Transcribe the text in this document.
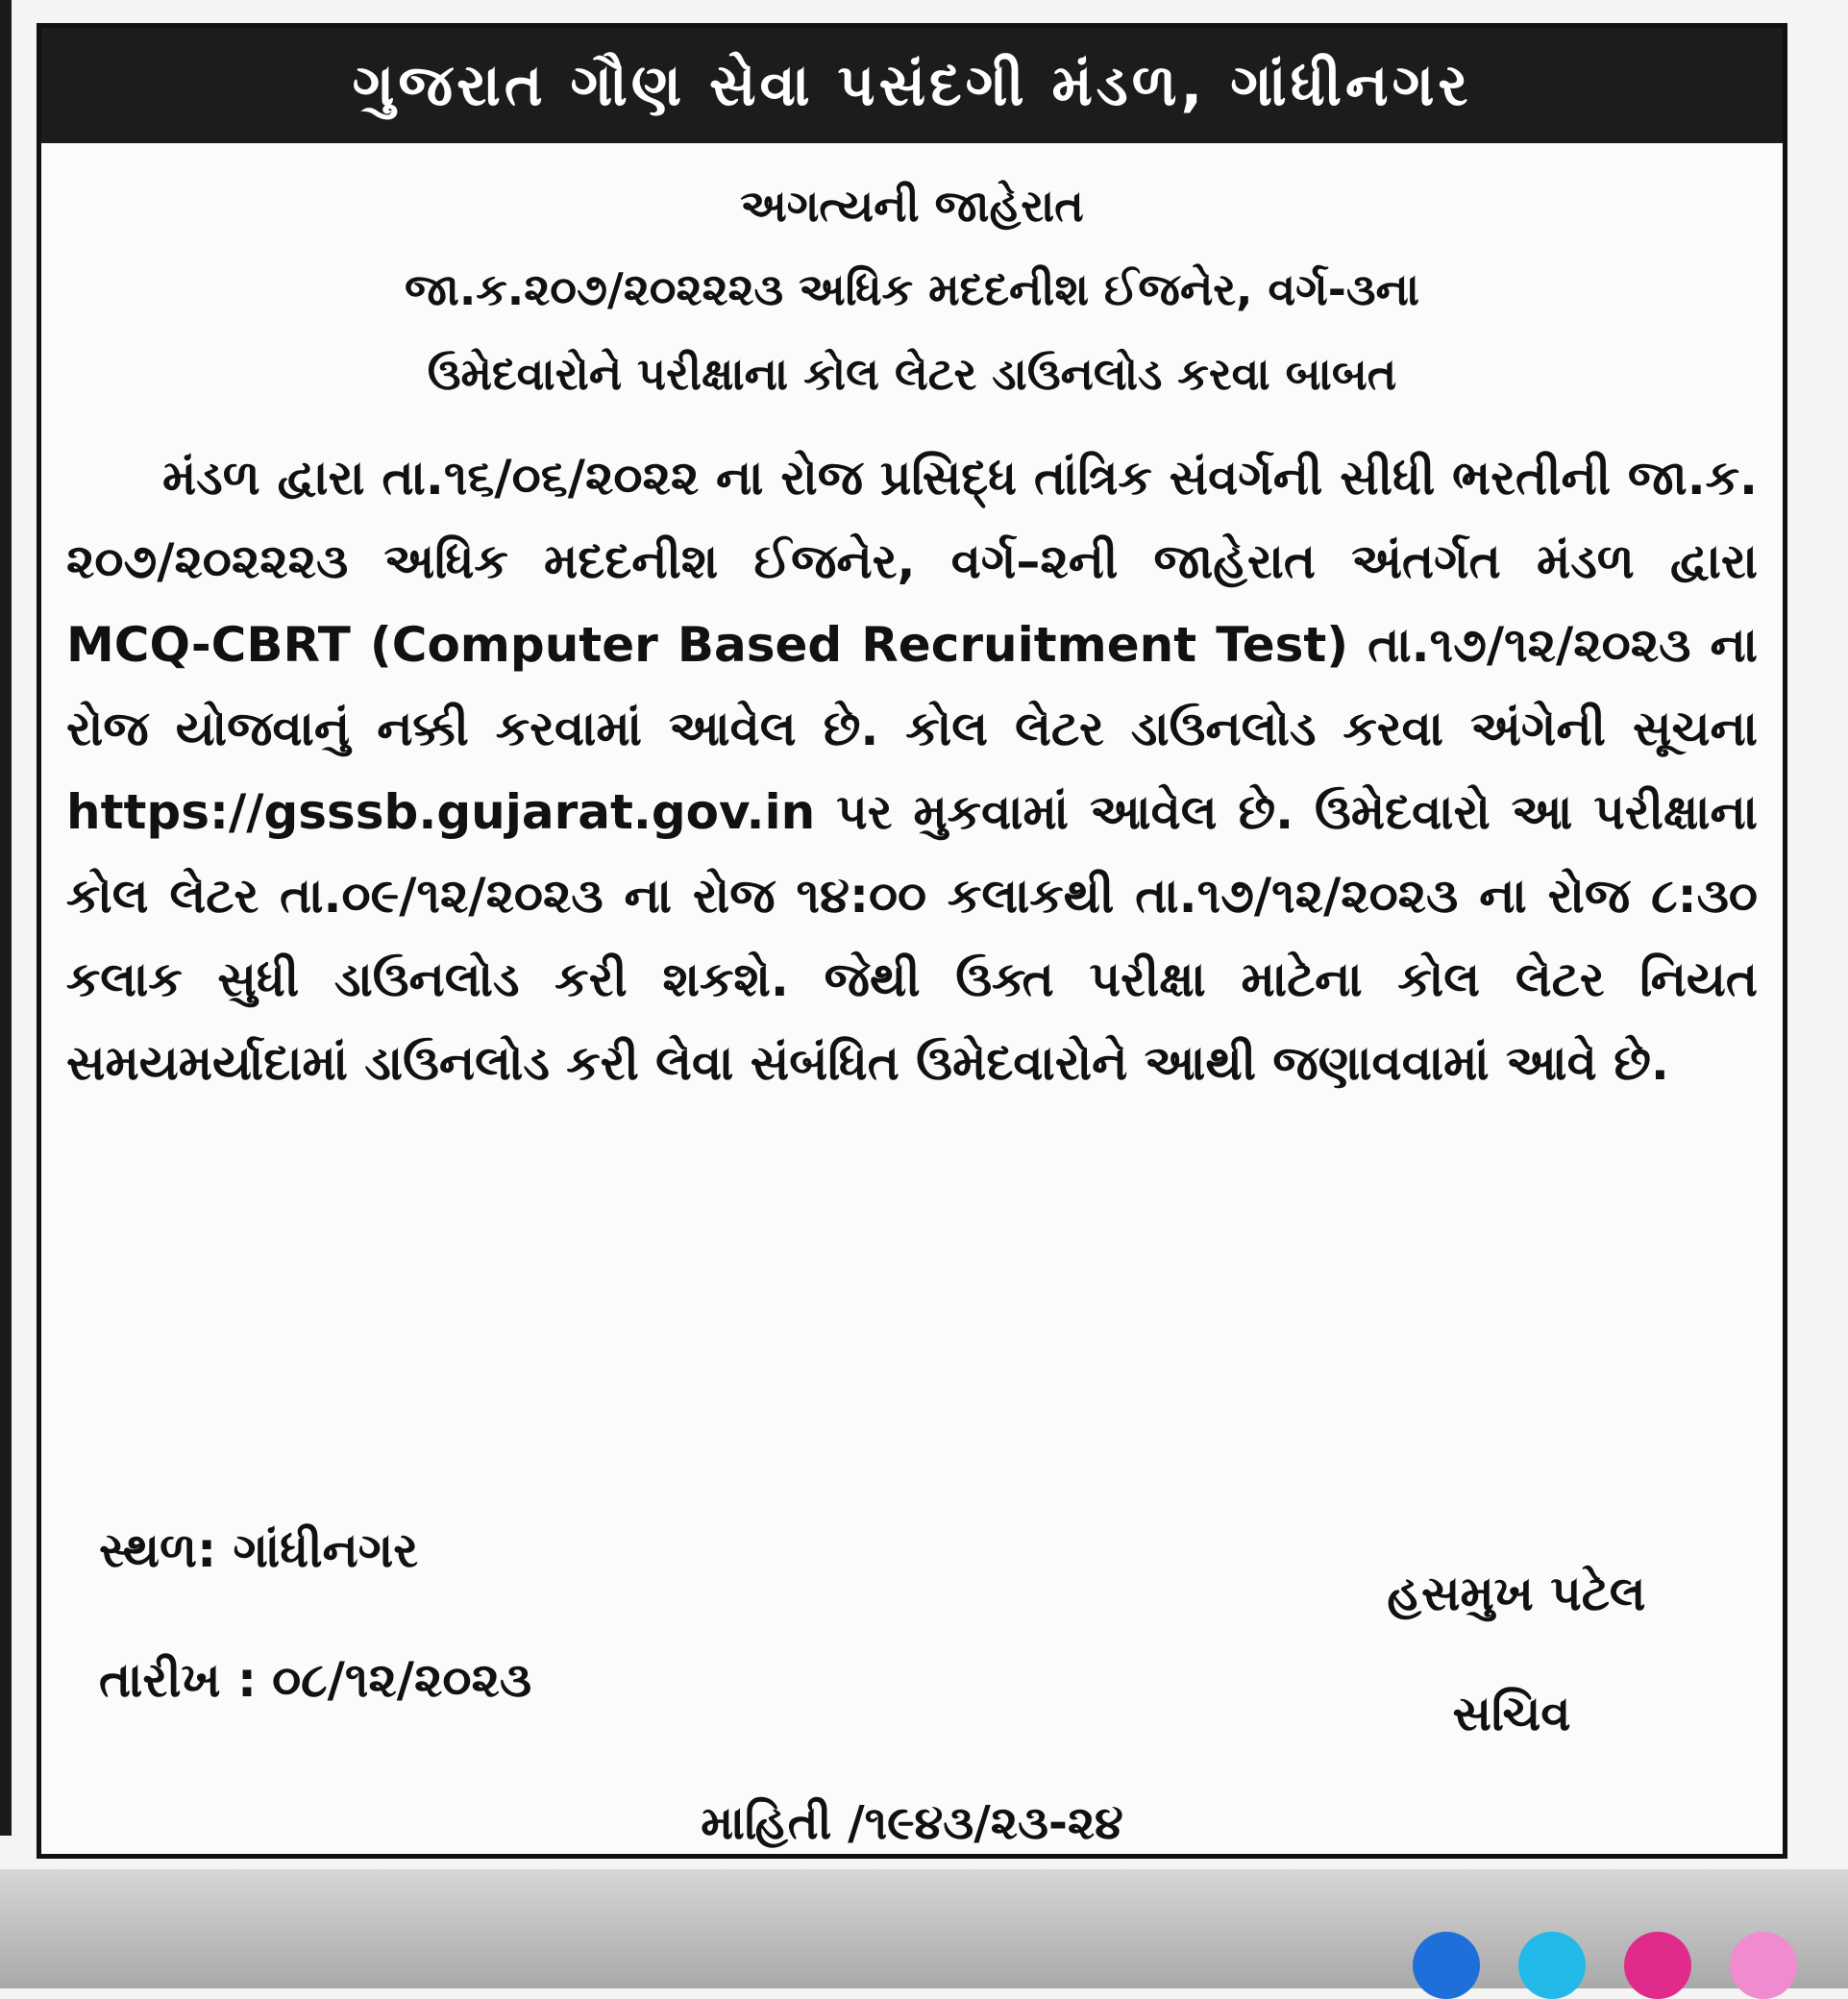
ગુજરાત ગૌણ સેવા પસંદગી મંડળ, ગાંધીનગર
અગત્યની જાહેરાત
જા.ક.૨૦૭/૨૦૨૨૨૩ અધિક મદદનીશ ઈજનેર, વર્ગ-૩ના
ઉમેદવારોને પરીક્ષાના કોલ લેટર ડાઉનલોડ કરવા બાબત

મંડળ દ્વારા તા.૧૬/૦૬/૨૦૨૨ ના રોજ પ્રસિદ્ધ તાંત્રિક સંવર્ગની સીધી ભરતીની જા.ક. ૨૦૭/૨૦૨૨૨૩ અધિક મદદનીશ ઈજનેર, વર્ગ–૨ની જાહેરાત અંતર્ગત મંડળ દ્વારા MCQ-CBRT (Computer Based Recruitment Test) તા.૧૭/૧૨/૨૦૨૩ ના રોજ યોજવાનું નક્કી કરવામાં આવેલ છે. કોલ લેટર ડાઉનલોડ કરવા અંગેની સૂચના https://gsssb.gujarat.gov.in પર મુકવામાં આવેલ છે. ઉમેદવારો આ પરીક્ષાના કોલ લેટર તા.૦૯/૧૨/૨૦૨૩ ના રોજ ૧૪:૦૦ કલાકથી તા.૧૭/૧૨/૨૦૨૩ ના રોજ ૮:૩૦ કલાક સુધી ડાઉનલોડ કરી શકશે. જેથી ઉક્ત પરીક્ષા માટેના કોલ લેટર નિયત સમયમર્યાદામાં ડાઉનલોડ કરી લેવા સંબંધિત ઉમેદવારોને આથી જણાવવામાં આવે છે.

સ્થળ: ગાંધીનગર
તારીખ : ૦૮/૧૨/૨૦૨૩
હસમુખ પટેલ
સચિવ
માહિતી /૧૯૪૩/૨૩-૨૪
